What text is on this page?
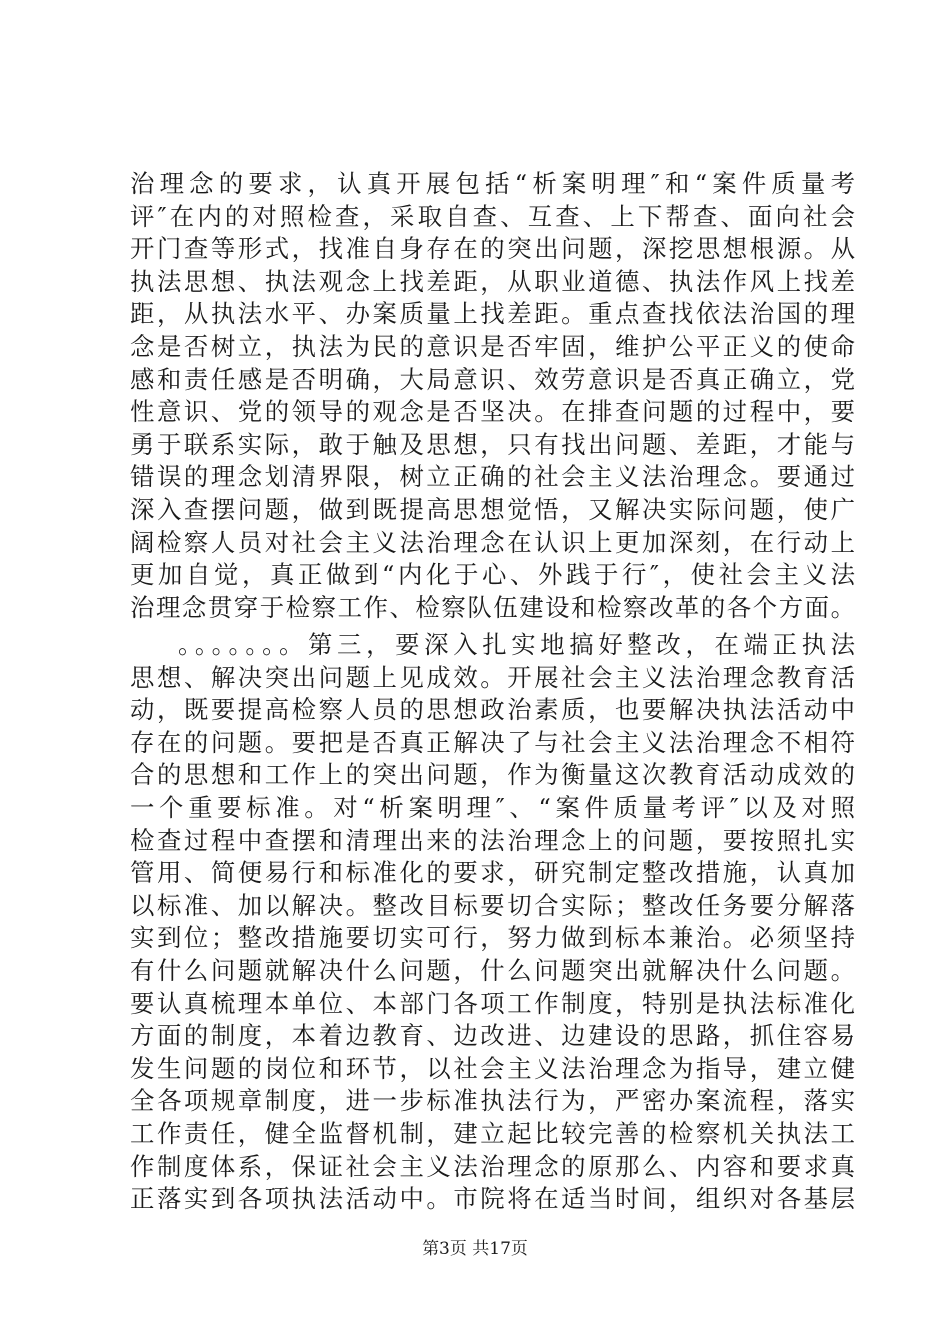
治理念的要求，认真开展包括“析案明理″和“案件质量考
评″在内的对照检查，采取自查、互查、上下帮查、面向社会
开门查等形式，找准自身存在的突出问题，深挖思想根源。从
执法思想、执法观念上找差距，从职业道德、执法作风上找差
距，从执法水平、办案质量上找差距。重点查找依法治国的理
念是否树立，执法为民的意识是否牢固，维护公平正义的使命
感和责任感是否明确，大局意识、效劳意识是否真正确立，党
性意识、党的领导的观念是否坚决。在排查问题的过程中，要
勇于联系实际，敢于触及思想，只有找出问题、差距，才能与
错误的理念划清界限，树立正确的社会主义法治理念。要通过
深入查摆问题，做到既提高思想觉悟，又解决实际问题，使广
阔检察人员对社会主义法治理念在认识上更加深刻，在行动上
更加自觉，真正做到“内化于心、外践于行″，使社会主义法
治理念贯穿于检察工作、检察队伍建设和检察改革的各个方面。
。。。。。。。第三，要深入扎实地搞好整改，在端正执法
思想、解决突出问题上见成效。开展社会主义法治理念教育活
动，既要提高检察人员的思想政治素质，也要解决执法活动中
存在的问题。要把是否真正解决了与社会主义法治理念不相符
合的思想和工作上的突出问题，作为衡量这次教育活动成效的
一个重要标准。对“析案明理″、“案件质量考评″以及对照
检查过程中查摆和清理出来的法治理念上的问题，要按照扎实
管用、简便易行和标准化的要求，研究制定整改措施，认真加
以标准、加以解决。整改目标要切合实际；整改任务要分解落
实到位；整改措施要切实可行，努力做到标本兼治。必须坚持
有什么问题就解决什么问题，什么问题突出就解决什么问题。
要认真梳理本单位、本部门各项工作制度，特别是执法标准化
方面的制度，本着边教育、边改进、边建设的思路，抓住容易
发生问题的岗位和环节，以社会主义法治理念为指导，建立健
全各项规章制度，进一步标准执法行为，严密办案流程，落实
工作责任，健全监督机制，建立起比较完善的检察机关执法工
作制度体系，保证社会主义法治理念的原那么、内容和要求真
正落实到各项执法活动中。市院将在适当时间，组织对各基层
第3页 共17页
